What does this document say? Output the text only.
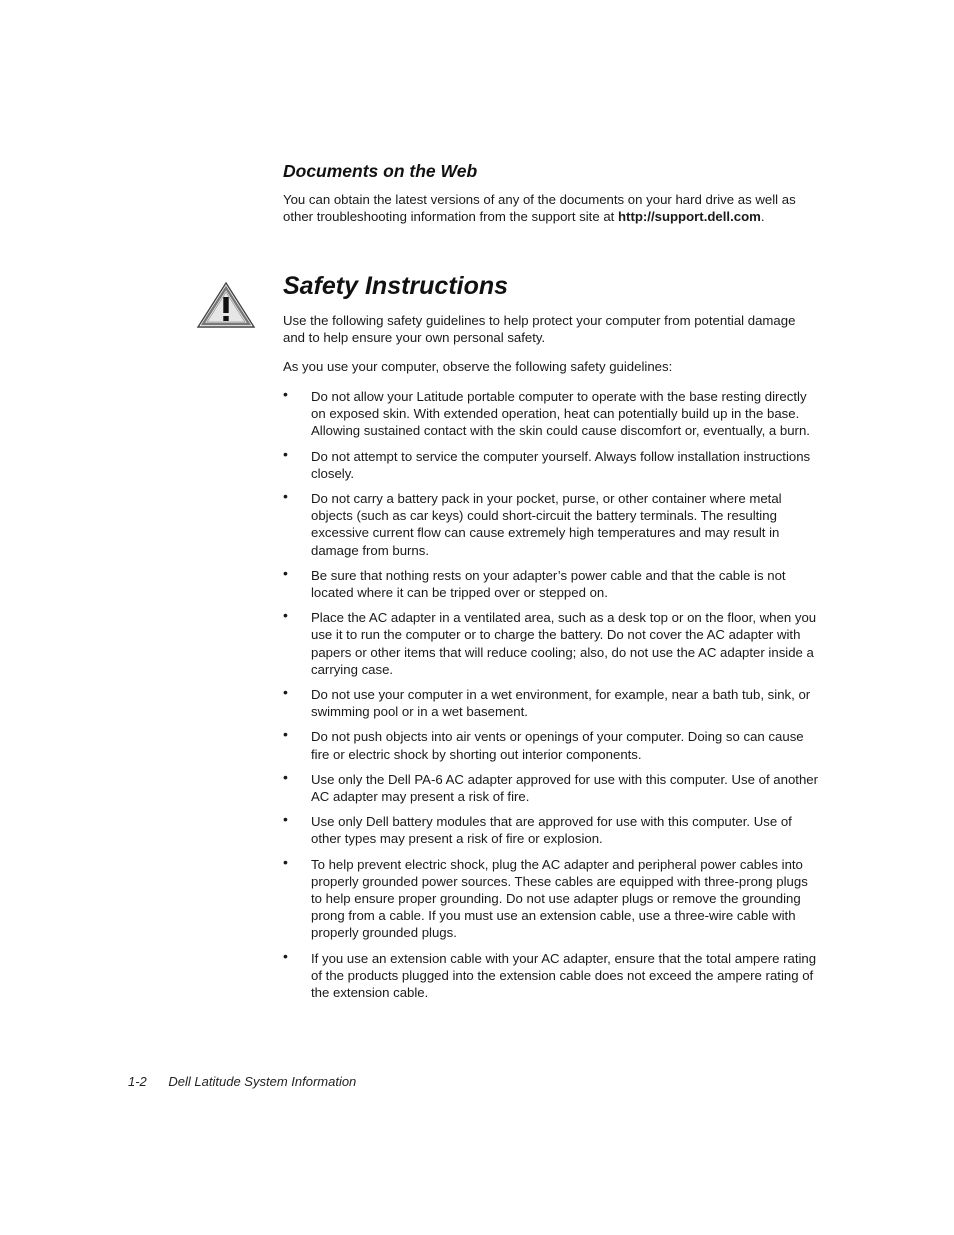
Documents on the Web

You can obtain the latest versions of any of the documents on your hard drive as well as other troubleshooting information from the support site at http://​support.dell.com.

Safety Instructions

Use the following safety guidelines to help protect your computer from potential damage and to help ensure your own personal safety.

As you use your computer, observe the following safety guidelines:

• Do not allow your Latitude portable computer to operate with the base resting directly on exposed skin. With extended operation, heat can potentially build up in the base. Allowing sustained contact with the skin could cause discomfort or, eventually, a burn.
• Do not attempt to service the computer yourself. Always follow installation instructions closely.
• Do not carry a battery pack in your pocket, purse, or other container where metal objects (such as car keys) could short-circuit the battery terminals. The resulting excessive current flow can cause extremely high temperatures and may result in damage from burns.
• Be sure that nothing rests on your adapter’s power cable and that the cable is not located where it can be tripped over or stepped on.
• Place the AC adapter in a ventilated area, such as a desk top or on the floor, when you use it to run the computer or to charge the battery. Do not cover the AC adapter with papers or other items that will reduce cooling; also, do not use the AC adapter inside a carrying case.
• Do not use your computer in a wet environment, for example, near a bath tub, sink, or swimming pool or in a wet basement.
• Do not push objects into air vents or openings of your computer. Doing so can cause fire or electric shock by shorting out interior components.
• Use only the Dell PA-6 AC adapter approved for use with this computer. Use of another AC adapter may present a risk of fire.
• Use only Dell battery modules that are approved for use with this computer. Use of other types may present a risk of fire or explosion.
• To help prevent electric shock, plug the AC adapter and peripheral power cables into properly grounded power sources. These cables are equipped with three-prong plugs to help ensure proper grounding. Do not use adapter plugs or remove the grounding prong from a cable. If you must use an extension cable, use a three-wire cable with properly grounded plugs.
• If you use an extension cable with your AC adapter, ensure that the total ampere rating of the products plugged into the extension cable does not exceed the ampere rating of the extension cable.
1-2 Dell Latitude System Information
